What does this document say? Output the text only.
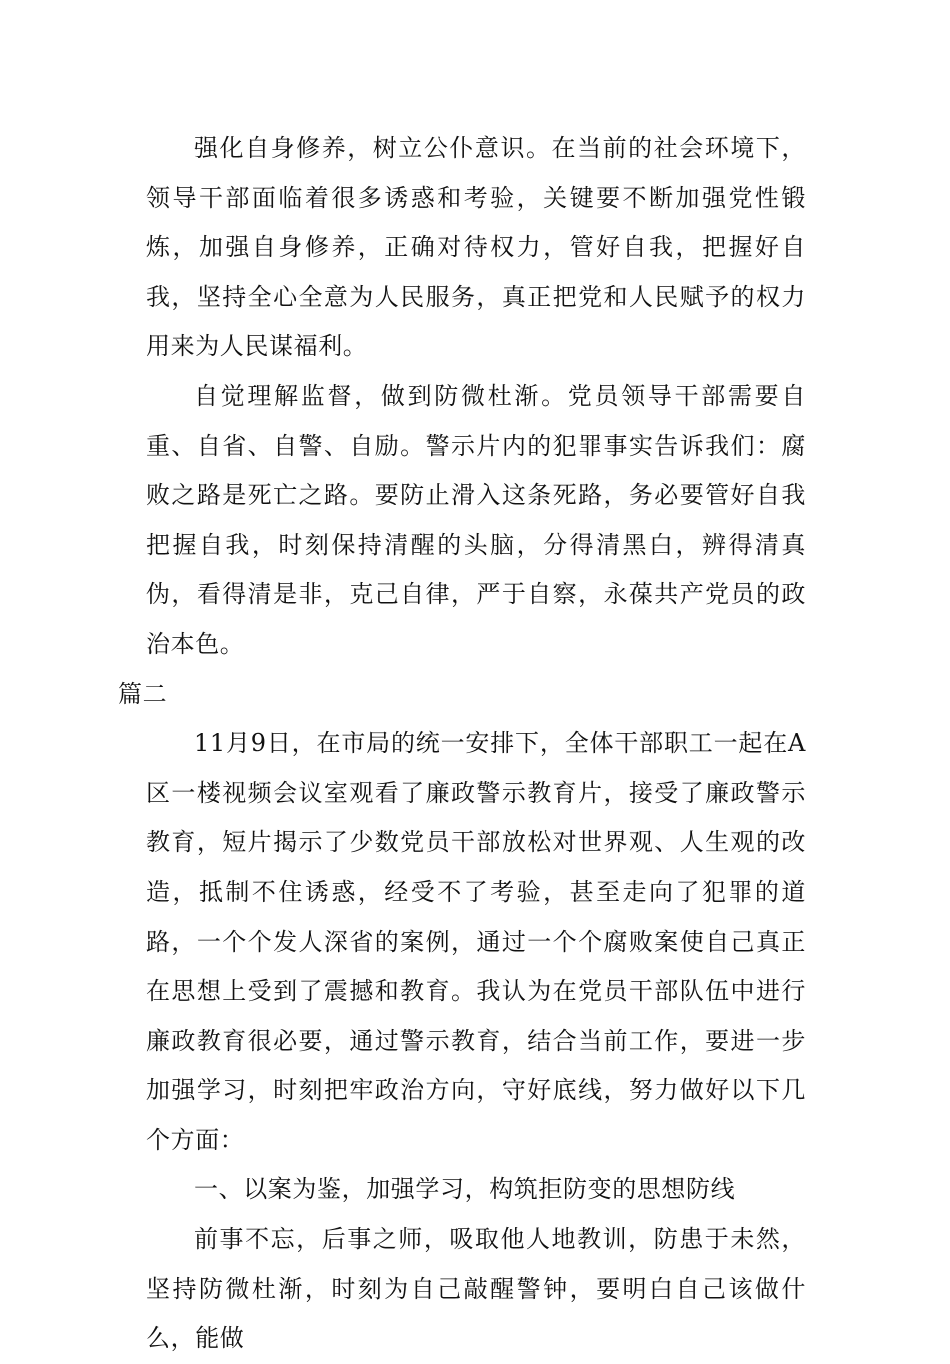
强化自身修养，树立公仆意识。在当前的社会环境下，领导干部面临着很多诱惑和考验，关键要不断加强党性锻炼，加强自身修养，正确对待权力，管好自我，把握好自我，坚持全心全意为人民服务，真正把党和人民赋予的权力用来为人民谋福利。

自觉理解监督，做到防微杜渐。党员领导干部需要自重、自省、自警、自励。警示片内的犯罪事实告诉我们：腐败之路是死亡之路。要防止滑入这条死路，务必要管好自我把握自我，时刻保持清醒的头脑，分得清黑白，辨得清真伪，看得清是非，克己自律，严于自察，永葆共产党员的政治本色。

篇二

11月9日，在市局的统一安排下，全体干部职工一起在A区一楼视频会议室观看了廉政警示教育片，接受了廉政警示教育，短片揭示了少数党员干部放松对世界观、人生观的改造，抵制不住诱惑，经受不了考验，甚至走向了犯罪的道路，一个个发人深省的案例，通过一个个腐败案使自己真正在思想上受到了震撼和教育。我认为在党员干部队伍中进行廉政教育很必要，通过警示教育，结合当前工作，要进一步加强学习，时刻把牢政治方向，守好底线，努力做好以下几个方面：

一、以案为鉴，加强学习，构筑拒防变的思想防线

前事不忘，后事之师，吸取他人地教训，防患于未然，坚持防微杜渐，时刻为自己敲醒警钟，要明白自己该做什么，能做
